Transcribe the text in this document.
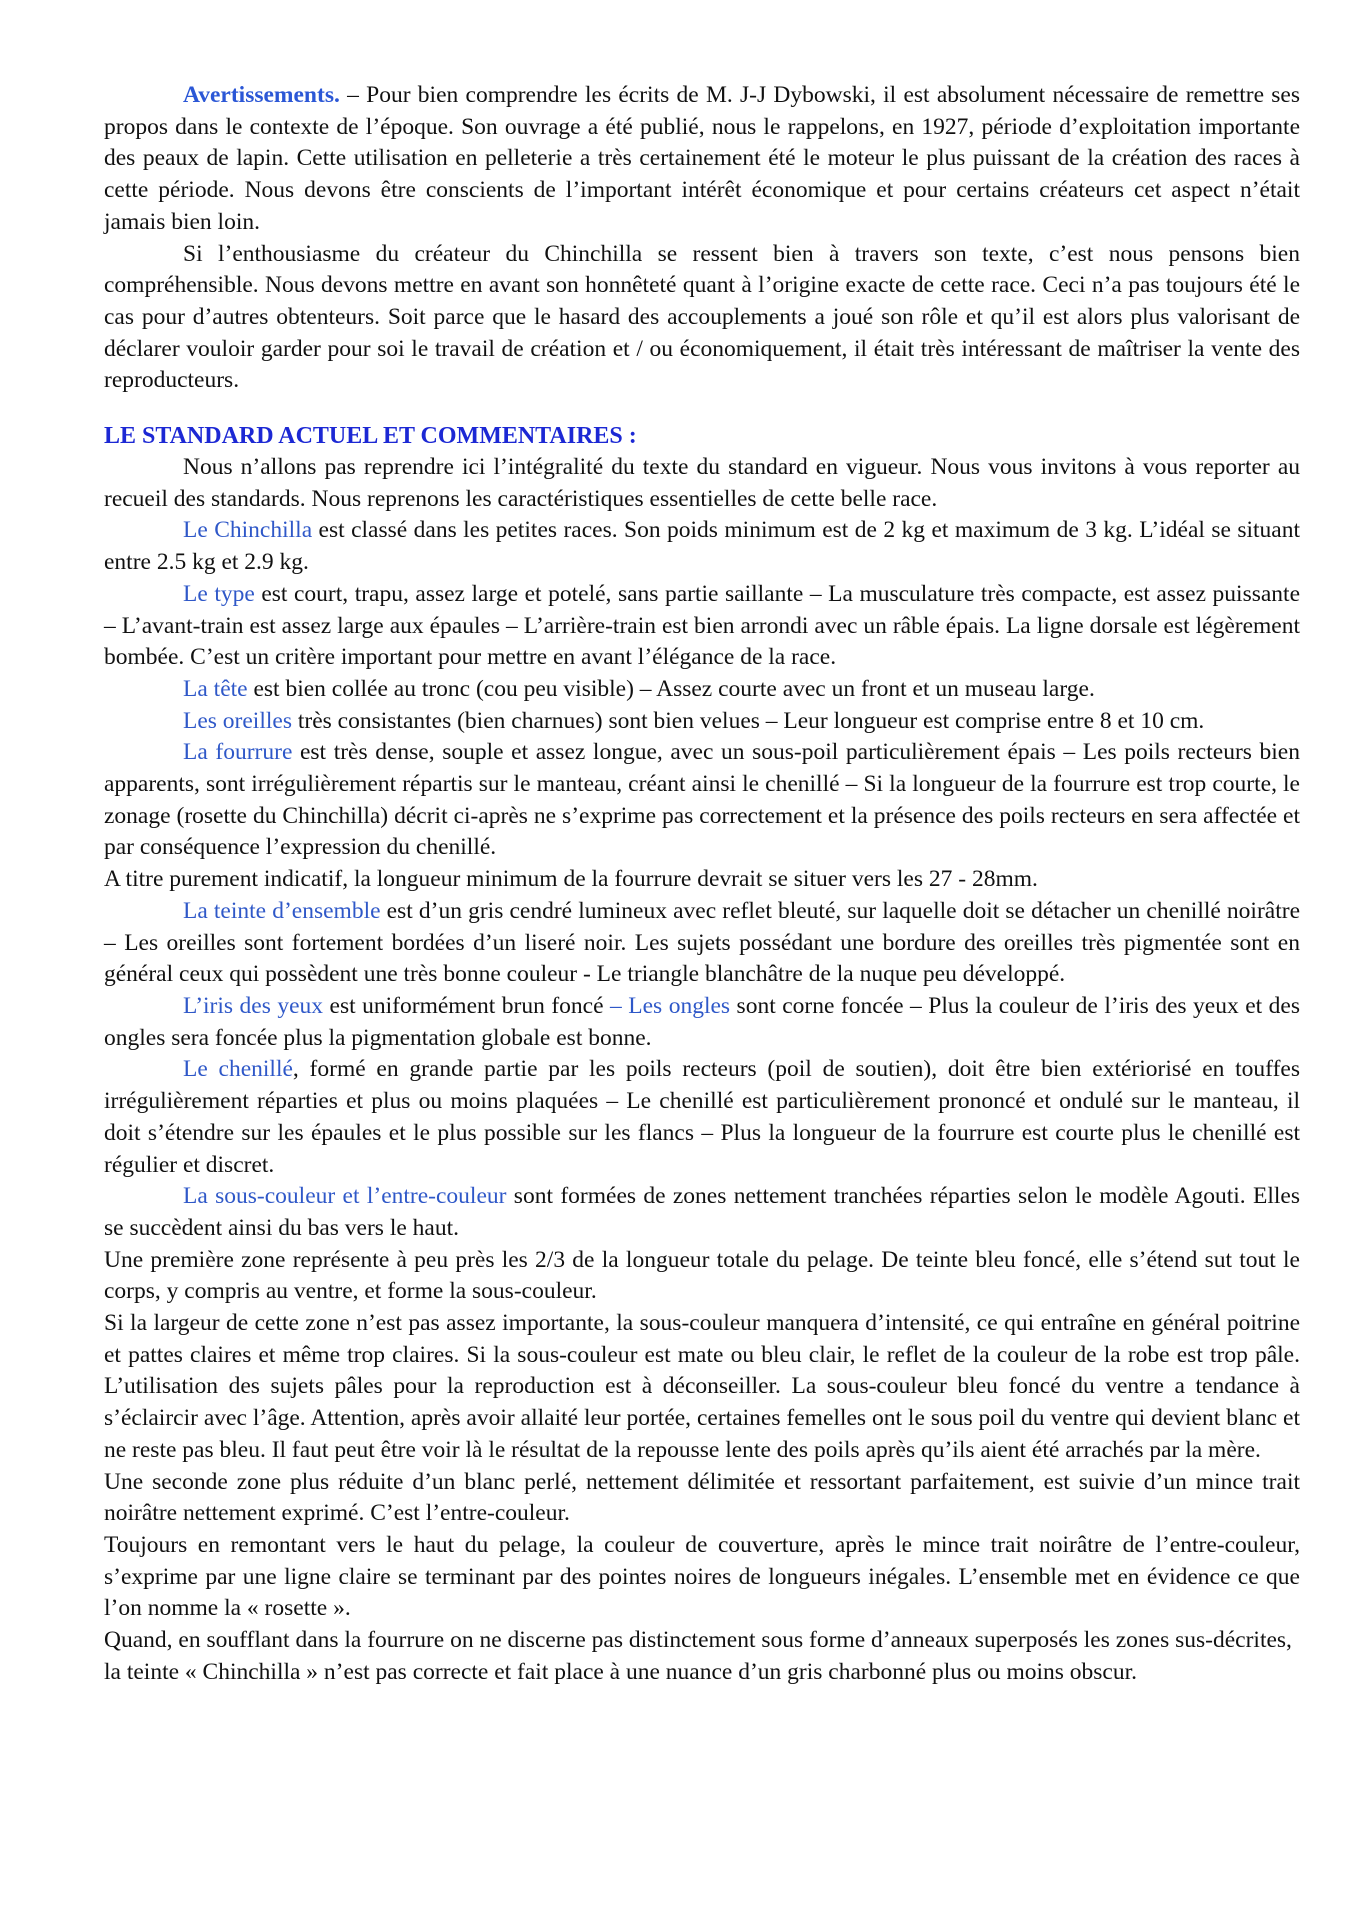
Avertissements. – Pour bien comprendre les écrits de M. J-J Dybowski, il est absolument nécessaire de remettre ses propos dans le contexte de l’époque. Son ouvrage a été publié, nous le rappelons, en 1927, période d’exploitation importante des peaux de lapin. Cette utilisation en pelleterie a très certainement été le moteur le plus puissant de la création des races à cette période. Nous devons être conscients de l’important intérêt économique et pour certains créateurs cet aspect n’était jamais bien loin.

Si l’enthousiasme du créateur du Chinchilla se ressent bien à travers son texte, c’est nous pensons bien compréhensible. Nous devons mettre en avant son honnêteté quant à l’origine exacte de cette race. Ceci n’a pas toujours été le cas pour d’autres obtenteurs. Soit parce que le hasard des accouplements a joué son rôle et qu’il est alors plus valorisant de déclarer vouloir garder pour soi le travail de création et / ou économiquement, il était très intéressant de maîtriser la vente des reproducteurs.

LE STANDARD ACTUEL ET COMMENTAIRES :

Nous n’allons pas reprendre ici l’intégralité du texte du standard en vigueur. Nous vous invitons à vous reporter au recueil des standards. Nous reprenons les caractéristiques essentielles de cette belle race.

Le Chinchilla est classé dans les petites races. Son poids minimum est de 2 kg et maximum de 3 kg. L’idéal se situant entre 2.5 kg et 2.9 kg.

Le type est court, trapu, assez large et potelé, sans partie saillante – La musculature très compacte, est assez puissante – L’avant-train est assez large aux épaules – L’arrière-train est bien arrondi avec un râble épais. La ligne dorsale est légèrement bombée. C’est un critère important pour mettre en avant l’élégance de la race.

La tête est bien collée au tronc (cou peu visible) – Assez courte avec un front et un museau large.

Les oreilles très consistantes (bien charnues) sont bien velues – Leur longueur est comprise entre 8 et 10 cm.

La fourrure est très dense, souple et assez longue, avec un sous-poil particulièrement épais – Les poils recteurs bien apparents, sont irrégulièrement répartis sur le manteau, créant ainsi le chenillé – Si la longueur de la fourrure est trop courte, le zonage (rosette du Chinchilla) décrit ci-après ne s’exprime pas correctement et la présence des poils recteurs en sera affectée et par conséquence l’expression du chenillé.

A titre purement indicatif, la longueur minimum de la fourrure devrait se situer vers les 27 - 28mm.

La teinte d’ensemble est d’un gris cendré lumineux avec reflet bleuté, sur laquelle doit se détacher un chenillé noirâtre – Les oreilles sont fortement bordées d’un liseré noir. Les sujets possédant une bordure des oreilles très pigmentée sont en général ceux qui possèdent une très bonne couleur - Le triangle blanchâtre de la nuque peu développé.

L’iris des yeux est uniformément brun foncé – Les ongles sont corne foncée – Plus la couleur de l’iris des yeux et des ongles sera foncée plus la pigmentation globale est bonne.

Le chenillé, formé en grande partie par les poils recteurs (poil de soutien), doit être bien extériorisé en touffes irrégulièrement réparties et plus ou moins plaquées – Le chenillé est particulièrement prononcé et ondulé sur le manteau, il doit s’étendre sur les épaules et le plus possible sur les flancs – Plus la longueur de la fourrure est courte plus le chenillé est régulier et discret.

La sous-couleur et l’entre-couleur sont formées de zones nettement tranchées réparties selon le modèle Agouti. Elles se succèdent ainsi du bas vers le haut.

Une première zone représente à peu près les 2/3 de la longueur totale du pelage. De teinte bleu foncé, elle s’étend sut tout le corps, y compris au ventre, et forme la sous-couleur.

Si la largeur de cette zone n’est pas assez importante, la sous-couleur manquera d’intensité, ce qui entraîne en général poitrine et pattes claires et même trop claires. Si la sous-couleur est mate ou bleu clair, le reflet de la couleur de la robe est trop pâle. L’utilisation des sujets pâles pour la reproduction est à déconseiller. La sous-couleur bleu foncé du ventre a tendance à s’éclaircir avec l’âge. Attention, après avoir allaité leur portée, certaines femelles ont le sous poil du ventre qui devient blanc et ne reste pas bleu. Il faut peut être voir là le résultat de la repousse lente des poils après qu’ils aient été arrachés par la mère.

Une seconde zone plus réduite d’un blanc perlé, nettement délimitée et ressortant parfaitement, est suivie d’un mince trait noirâtre nettement exprimé. C’est l’entre-couleur.

Toujours en remontant vers le haut du pelage, la couleur de couverture, après le mince trait noirâtre de l’entre-couleur, s’exprime par une ligne claire se terminant par des pointes noires de longueurs inégales. L’ensemble met en évidence ce que l’on nomme la « rosette ».

Quand, en soufflant dans la fourrure on ne discerne pas distinctement sous forme d’anneaux superposés les zones sus-décrites, la teinte « Chinchilla » n’est pas correcte et fait place à une nuance d’un gris charbonné plus ou moins obscur.
